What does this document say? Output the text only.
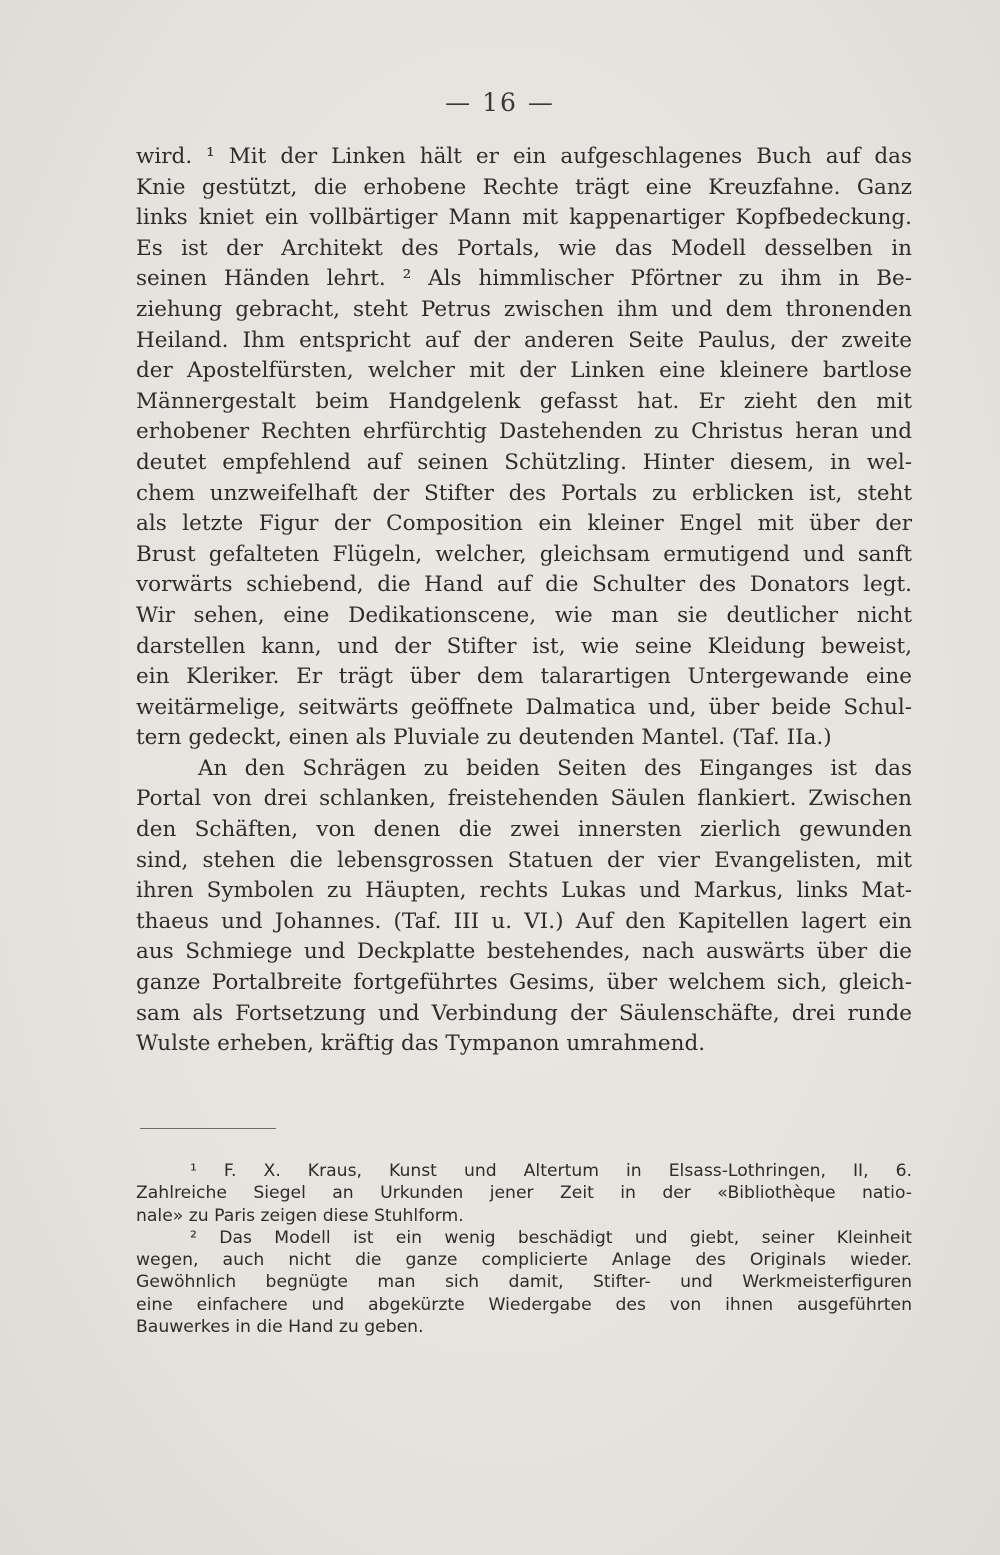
— 16 —
wird. ¹ Mit der Linken hält er ein aufgeschlagenes Buch auf das
Knie gestützt, die erhobene Rechte trägt eine Kreuzfahne. Ganz
links kniet ein vollbärtiger Mann mit kappenartiger Kopfbedeckung.
Es ist der Architekt des Portals, wie das Modell desselben in
seinen Händen lehrt. ² Als himmlischer Pförtner zu ihm in Be-
ziehung gebracht, steht Petrus zwischen ihm und dem thronenden
Heiland. Ihm entspricht auf der anderen Seite Paulus, der zweite
der Apostelfürsten, welcher mit der Linken eine kleinere bartlose
Männergestalt beim Handgelenk gefasst hat. Er zieht den mit
erhobener Rechten ehrfürchtig Dastehenden zu Christus heran und
deutet empfehlend auf seinen Schützling. Hinter diesem, in wel-
chem unzweifelhaft der Stifter des Portals zu erblicken ist, steht
als letzte Figur der Composition ein kleiner Engel mit über der
Brust gefalteten Flügeln, welcher, gleichsam ermutigend und sanft
vorwärts schiebend, die Hand auf die Schulter des Donators legt.
Wir sehen, eine Dedikationscene, wie man sie deutlicher nicht
darstellen kann, und der Stifter ist, wie seine Kleidung beweist,
ein Kleriker. Er trägt über dem talarartigen Untergewande eine
weitärmelige, seitwärts geöffnete Dalmatica und, über beide Schul-
tern gedeckt, einen als Pluviale zu deutenden Mantel. (Taf. IIa.)
An den Schrägen zu beiden Seiten des Einganges ist das
Portal von drei schlanken, freistehenden Säulen flankiert. Zwischen
den Schäften, von denen die zwei innersten zierlich gewunden
sind, stehen die lebensgrossen Statuen der vier Evangelisten, mit
ihren Symbolen zu Häupten, rechts Lukas und Markus, links Mat-
thaeus und Johannes. (Taf. III u. VI.) Auf den Kapitellen lagert ein
aus Schmiege und Deckplatte bestehendes, nach auswärts über die
ganze Portalbreite fortgeführtes Gesims, über welchem sich, gleich-
sam als Fortsetzung und Verbindung der Säulenschäfte, drei runde
Wulste erheben, kräftig das Tympanon umrahmend.
¹ F. X. Kraus, Kunst und Altertum in Elsass-Lothringen, II, 6.
Zahlreiche Siegel an Urkunden jener Zeit in der «Bibliothèque natio-
nale» zu Paris zeigen diese Stuhlform.
² Das Modell ist ein wenig beschädigt und giebt, seiner Kleinheit
wegen, auch nicht die ganze complicierte Anlage des Originals wieder.
Gewöhnlich begnügte man sich damit, Stifter- und Werkmeisterfiguren
eine einfachere und abgekürzte Wiedergabe des von ihnen ausgeführten
Bauwerkes in die Hand zu geben.
